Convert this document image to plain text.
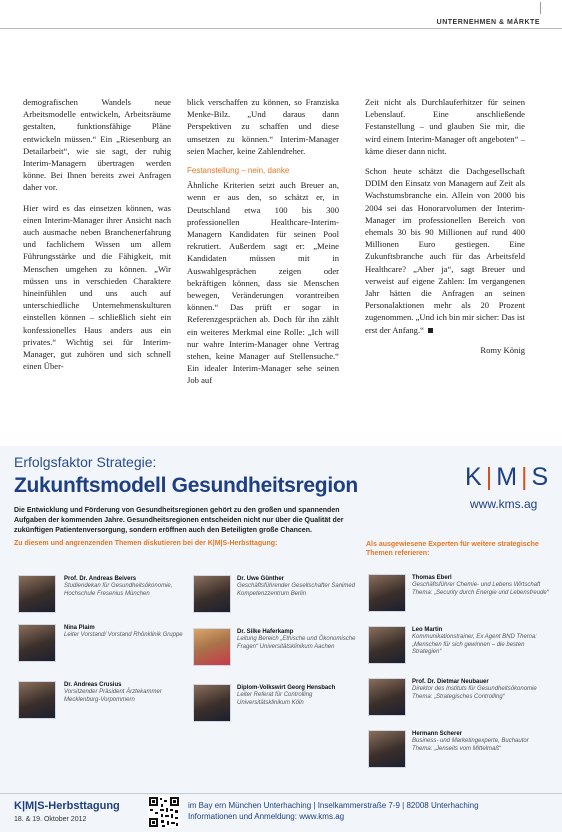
UNTERNEHMEN & MÄRKTE

demografischen Wandels neue Arbeitsmodelle entwickeln, Arbeitsräume gestalten, funktionsfähige Pläne entwickeln müssen.“ Ein „Riesenburg an Detailarbeit“, wie sie sagt, der ruhig Interim-Managern übertragen werden könne. Bei Ihnen bereits zwei Anfragen daher vor.

Hier wird es das einsetzen können, was einen Interim-Manager ihrer Ansicht nach auch ausmache neben Branchenerfahrung und fachlichem Wissen um allem Führungsstärke und die Fähigkeit, mit Menschen umgehen zu können. „Wir müssen uns in verschieden Charaktere hineinfühlen und uns auch auf unterschiedliche Unternehmenskulturen einstellen können – schließlich sieht ein konfessionelles Haus anders aus ein privates.“ Wichtig sei für Interim-Manager, gut zuhören und sich schnell einen Über-

blick verschaffen zu können, so Franziska Menke-Bilz. „Und daraus dann Perspektiven zu schaffen und diese umsetzen zu können.“ Interim-Manager seien Macher, keine Zahlendreher.

Festanstellung – nein, danke

Ähnliche Kriterien setzt auch Breuer an, wenn er aus den, so schätzt er, in Deutschland etwa 100 bis 300 professionellen Healthcare-Interim-Managern Kandidaten für seinen Pool rekrutiert. Außerdem sagt er: „Meine Kandidaten müssen mit in Auswahlgesprächen zeigen oder bekräftigen können, dass sie Menschen bewegen, Veränderungen vorantreiben können.“ Das prüft er sogar in Referenzgesprächen ab. Doch für ihn zählt ein weiteres Merkmal eine Rolle: „Ich will nur wahre Interim-Manager ohne Vertrag stehen, keine Manager auf Stellensuche.“ Ein idealer Interim-Manager sehe seinen Job auf

Zeit nicht als Durchlauferhitzer für seinen Lebenslauf. Eine anschließende Festanstellung – und glauben Sie mir, die wird einem Interim-Manager oft angeboten“ – käme dieser dann nicht.

Schon heute schätzt die Dachgesellschaft DDIM den Einsatz von Managern auf Zeit als Wachstumsbranche ein. Allein von 2000 bis 2004 sei das Honorarvolumen der Interim-Manager im professionellen Bereich von ehemals 30 bis 90 Millionen auf rund 400 Millionen Euro gestiegen. Eine Zukunftsbranche auch für das Arbeitsfeld Healthcare? „Aber ja“, sagt Breuer und verweist auf eigene Zahlen: Im vergangenen Jahr hätten die Anfragen an seinen Personalaktionen mehr als 20 Prozent zugenommen. „Und ich bin mir sicher: Das ist erst der Anfang.“

Romy König
Erfolgsfaktor Strategie:
Zukunftsmodell Gesundheitsregion	K | M | S
www.kms.ag
Die Entwicklung und Förderung von Gesundheitsregionen gehört zu den großen und spannenden Aufgaben der kommenden Jahre. Gesundheitsregionen entscheiden nicht nur über die Qualität der zukünftigen Patientenversorgung, sondern eröffnen auch den Beteiligten große Chancen.
Zu diesem und angrenzenden Themen diskutieren bei der K|M|S-Herbsttagung:	Als ausgewiesene Experten für weitere strategische Themen referieren:
Prof. Dr. Andreas Beivers
Studiendekan für Gesundheitsökonomie, Hochschule Fresenius München
Nina Plaim
Leiter Vorstand/ Vorstand Rhönklinik Gruppe
Dr. Andreas Crusius
Vorsitzender Präsident Ärztekammer Mecklenburg-Vorpommern
Dr. Uwe Günther
Geschäftsführender Gesellschafter Sanimed Kompetenzzentrum Berlin
Dr. Silke Haferkamp
Leitung Bereich „Ethische und Ökonomische Fragen“ Universitätsklinikum Aachen
Diplom-Volkswirt Georg Hensbach
Leiter Referat für Controlling Universitätsklinikum Köln
Thomas Eberl
Geschäftsführer Chemie- und Lebens Wirtschaft Thema: „Security durch Energie und Lebensfreude“
Leo Martin
Kommunikationstrainer, Ex Agent BND Thema: „Menschen für sich gewinnen – die besten Strategien“
Prof. Dr. Dietmar Neubauer
Direktor des Instituts für Gesundheitsökonomie Thema: „Strategisches Controlling“
Hermann Scherer
Business- und Marketingexperte, Buchautor Thema: „Jenseits vom Mittelmaß“
K|M|S-Herbsttagung
18. & 19. Oktober 2012
im Bay ern München Unterhaching | Inselkammerstraße 7-9 | 82008 Unterhaching
Informationen und Anmeldung: www.kms.ag
